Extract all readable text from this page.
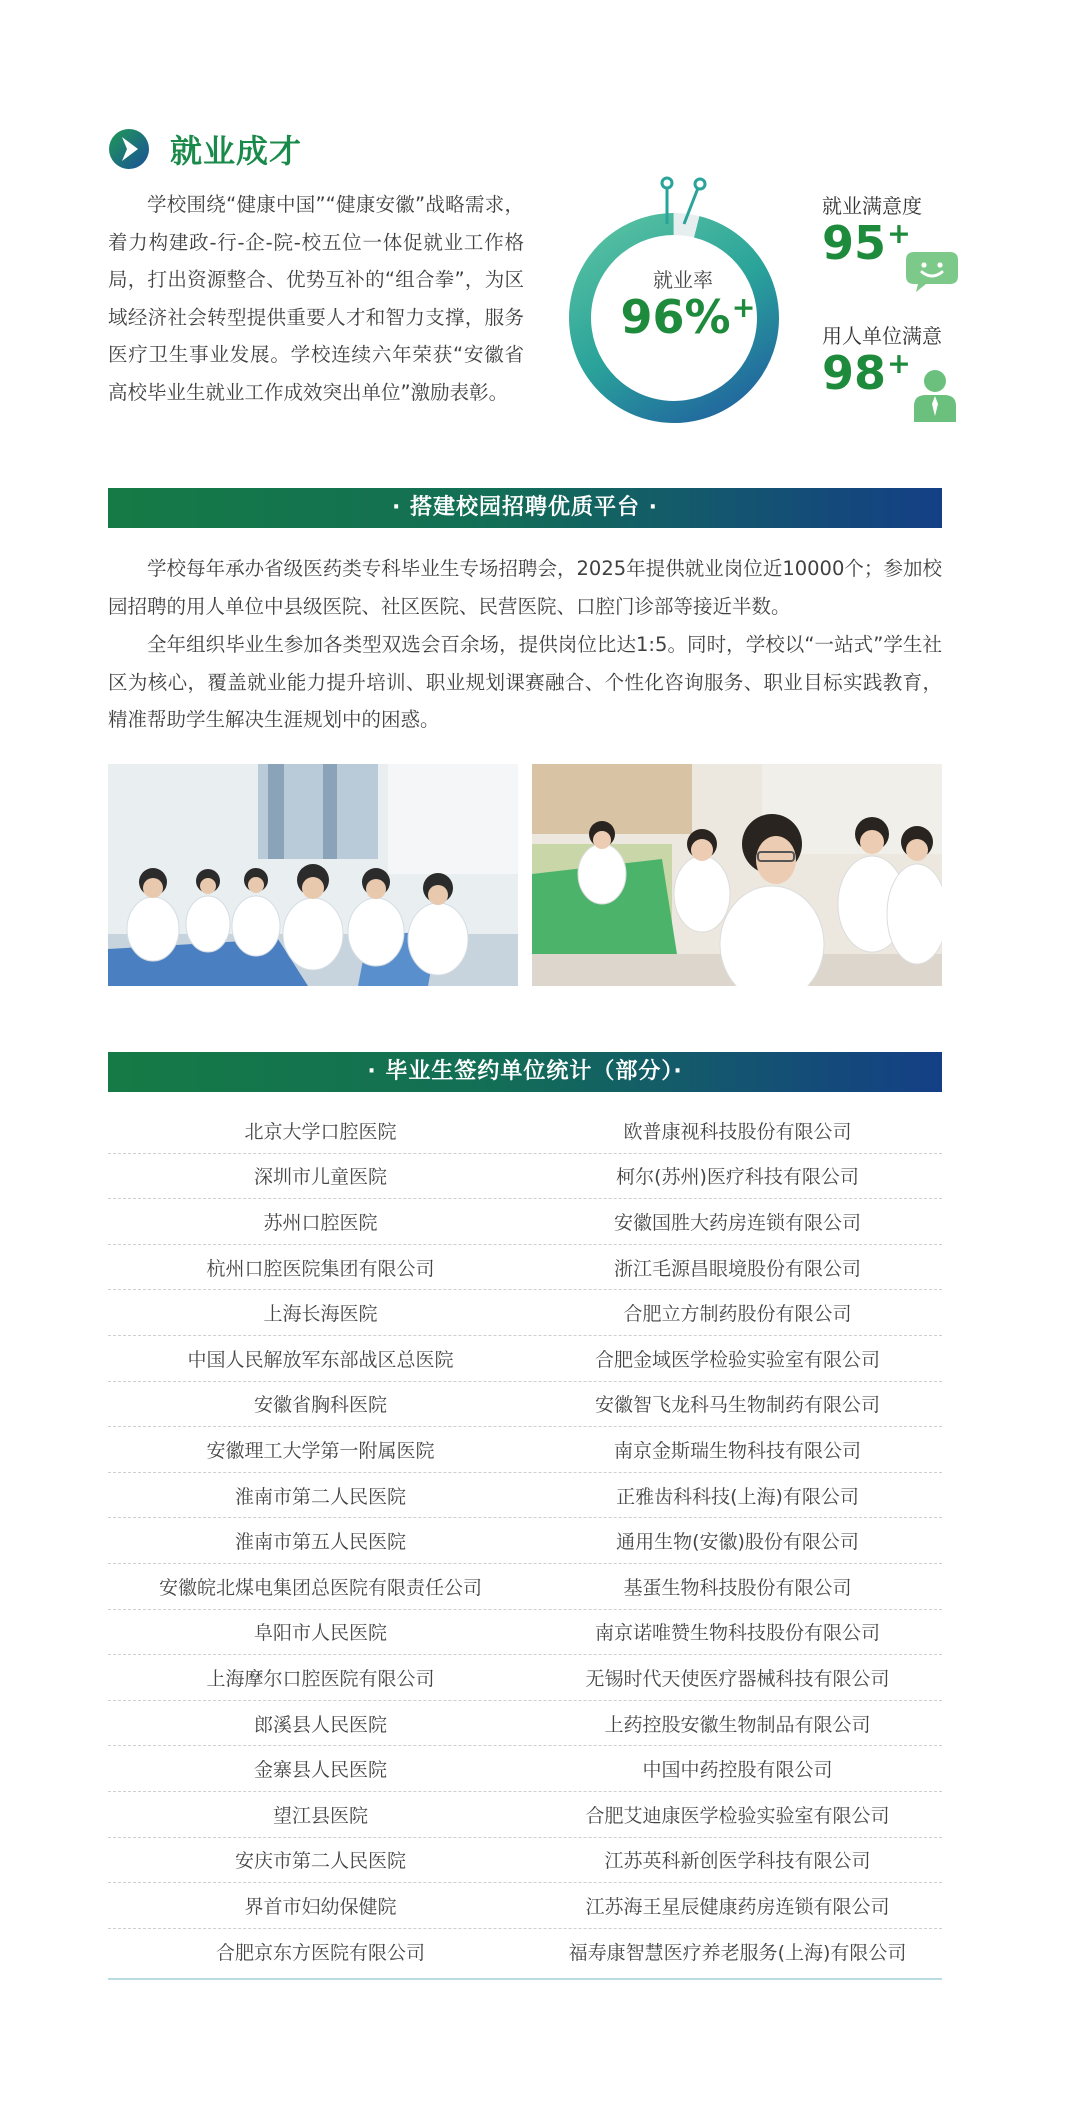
就业成才

学校围绕“健康中国”“健康安徽”战略需求，着力构建政-行-企-院-校五位一体促就业工作格局，打出资源整合、优势互补的“组合拳”，为区域经济社会转型提供重要人才和智力支撑，服务医疗卫生事业发展。学校连续六年荣获“安徽省高校毕业生就业工作成效突出单位”激励表彰。

就业率
96%+
就业满意度
95+
用人单位满意
98+
· 搭建校园招聘优质平台 ·

学校每年承办省级医药类专科毕业生专场招聘会，2025年提供就业岗位近10000个；参加校园招聘的用人单位中县级医院、社区医院、民营医院、口腔门诊部等接近半数。

全年组织毕业生参加各类型双选会百余场，提供岗位比达1:5。同时，学校以“一站式”学生社区为核心，覆盖就业能力提升培训、职业规划课赛融合、个性化咨询服务、职业目标实践教育，精准帮助学生解决生涯规划中的困惑。

· 毕业生签约单位统计（部分）·
北京大学口腔医院	欧普康视科技股份有限公司
深圳市儿童医院	柯尔(苏州)医疗科技有限公司
苏州口腔医院	安徽国胜大药房连锁有限公司
杭州口腔医院集团有限公司	浙江毛源昌眼境股份有限公司
上海长海医院	合肥立方制药股份有限公司
中国人民解放军东部战区总医院	合肥金域医学检验实验室有限公司
安徽省胸科医院	安徽智飞龙科马生物制药有限公司
安徽理工大学第一附属医院	南京金斯瑞生物科技有限公司
淮南市第二人民医院	正雅齿科科技(上海)有限公司
淮南市第五人民医院	通用生物(安徽)股份有限公司
安徽皖北煤电集团总医院有限责任公司	基蛋生物科技股份有限公司
阜阳市人民医院	南京诺唯赞生物科技股份有限公司
上海摩尔口腔医院有限公司	无锡时代天使医疗器械科技有限公司
郎溪县人民医院	上药控股安徽生物制品有限公司
金寨县人民医院	中国中药控股有限公司
望江县医院	合肥艾迪康医学检验实验室有限公司
安庆市第二人民医院	江苏英科新创医学科技有限公司
界首市妇幼保健院	江苏海王星辰健康药房连锁有限公司
合肥京东方医院有限公司	福寿康智慧医疗养老服务(上海)有限公司
